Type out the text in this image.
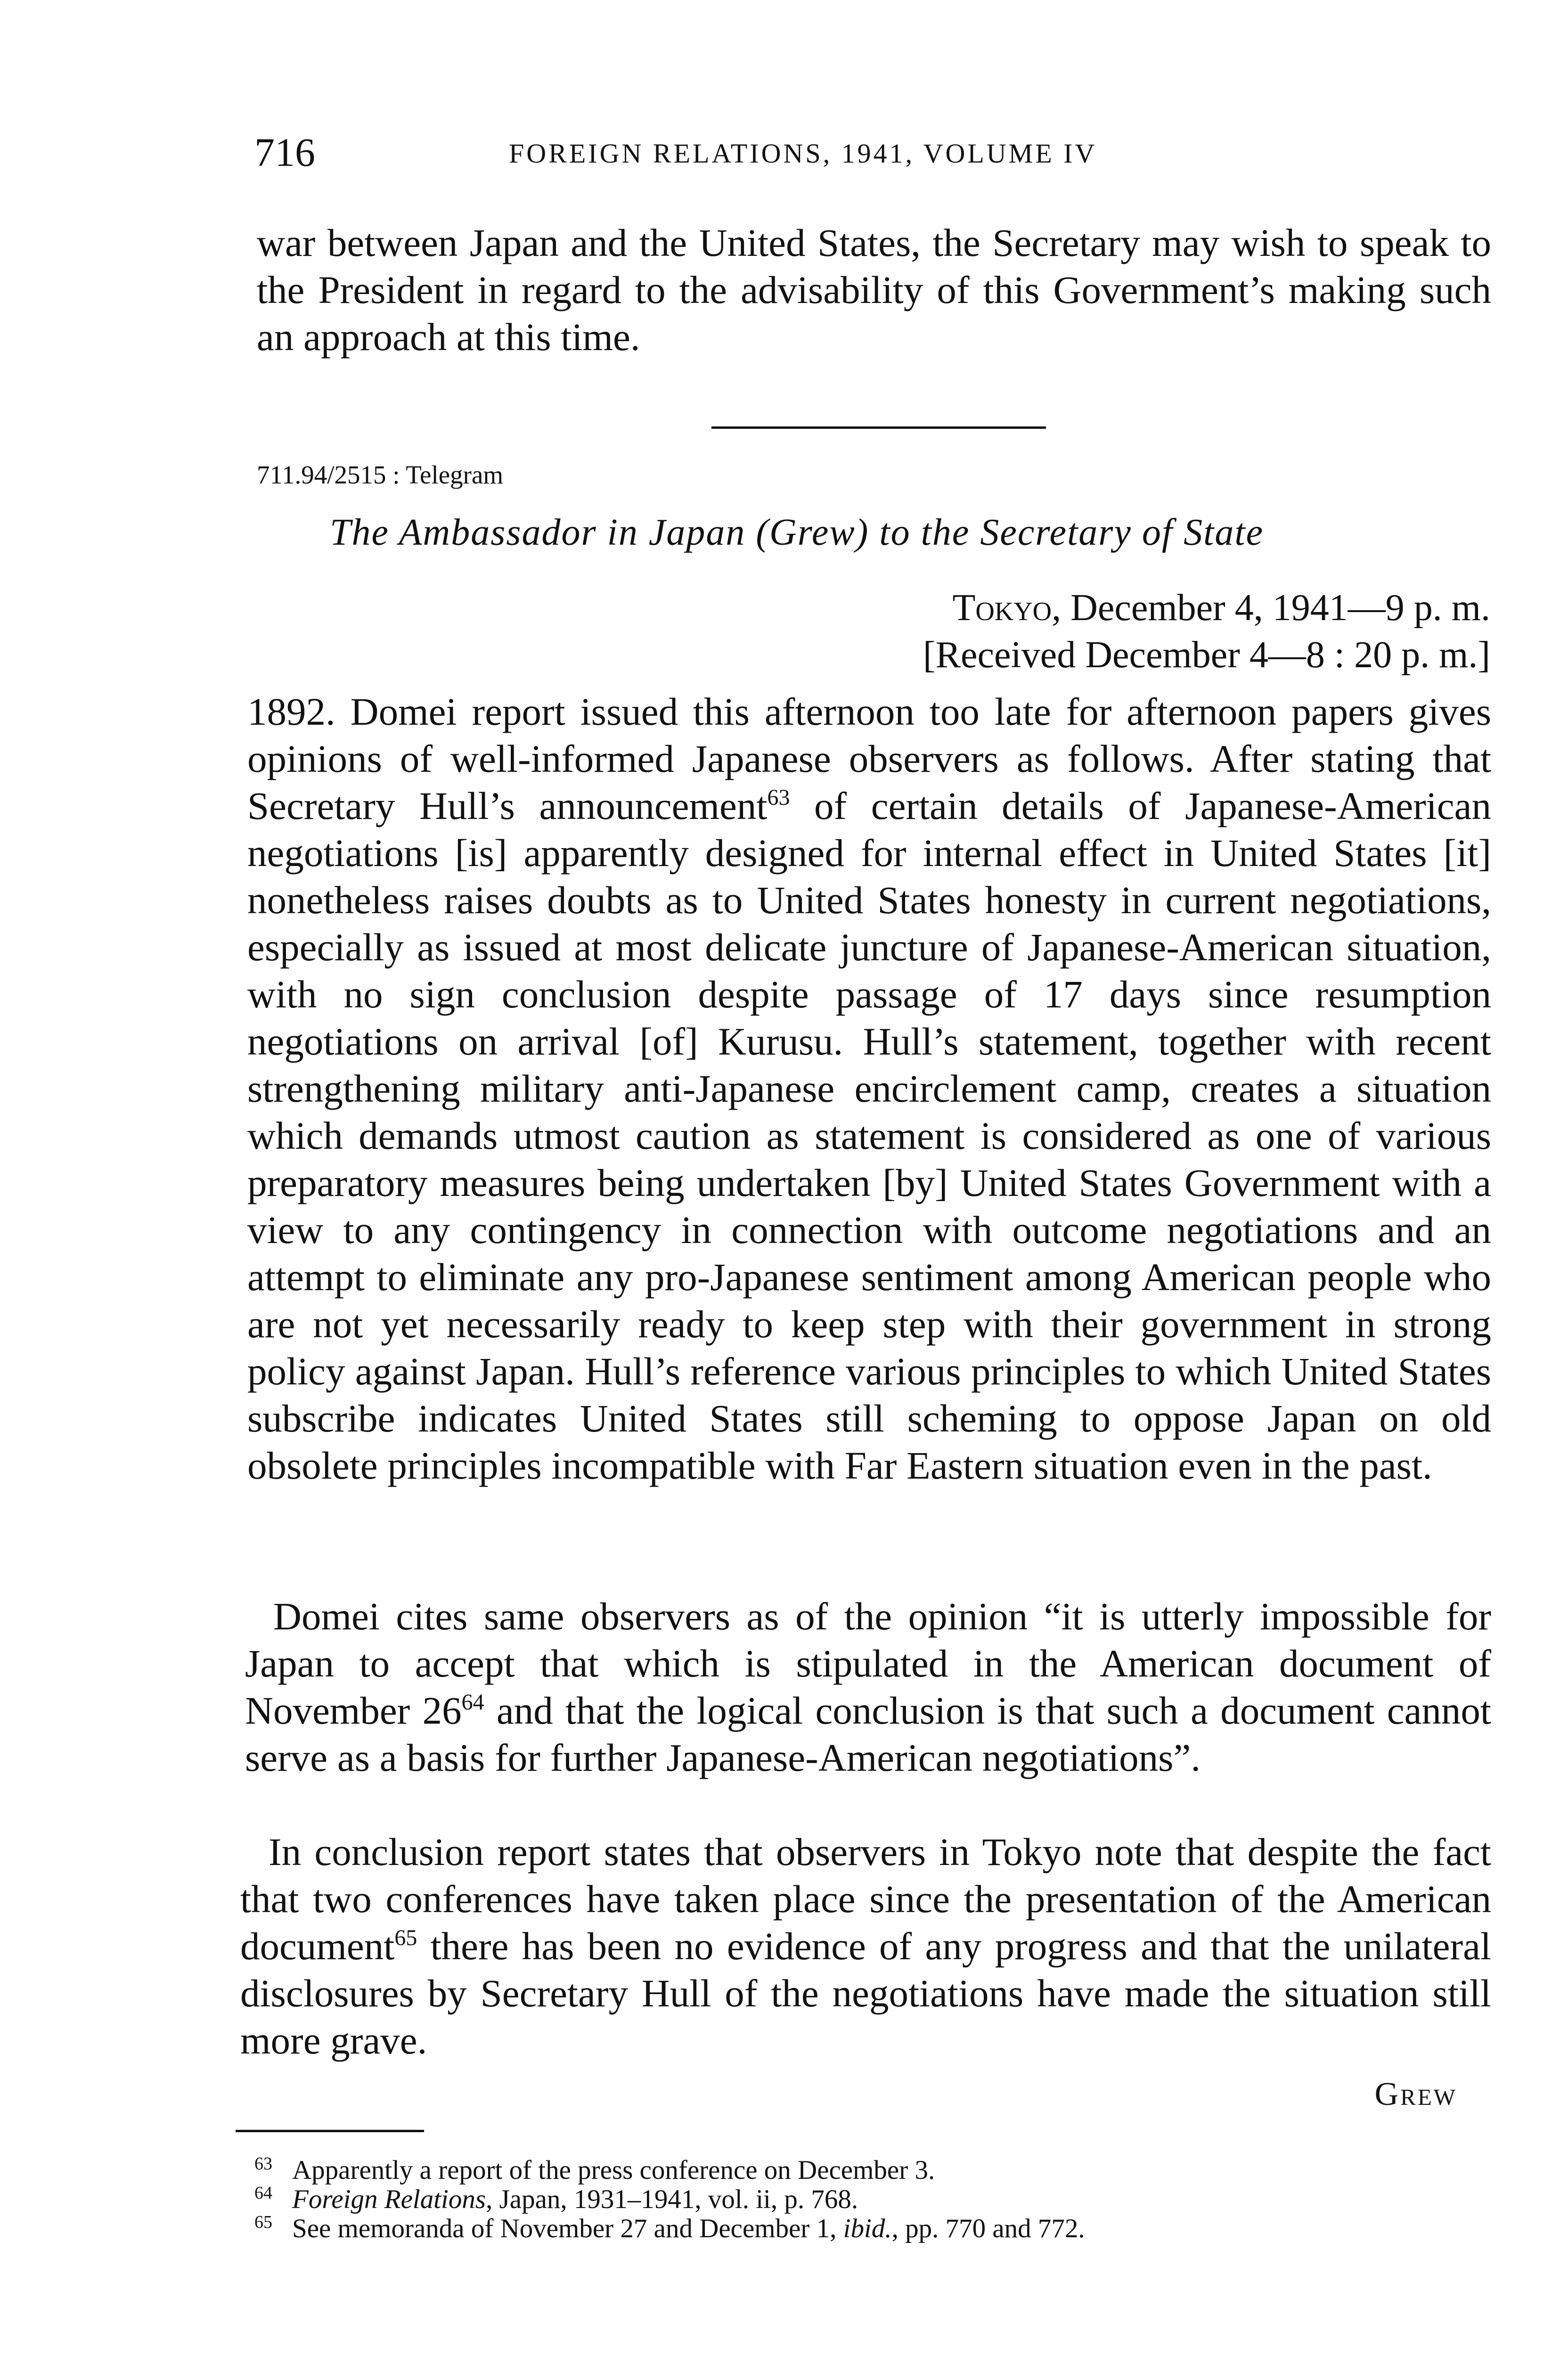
716	FOREIGN RELATIONS, 1941, VOLUME IV
war between Japan and the United States, the Secretary may wish to speak to the President in regard to the advisability of this Government’s making such an approach at this time.
711.94/2515 : Telegram
The Ambassador in Japan (Grew) to the Secretary of State
Tokyo, December 4, 1941—9 p. m.
[Received December 4—8 : 20 p. m.]
1892. Domei report issued this afternoon too late for afternoon papers gives opinions of well-informed Japanese observers as follows. After stating that Secretary Hull’s announcement$^{63}$ of certain details of Japanese-American negotiations [is] apparently designed for internal effect in United States [it] nonetheless raises doubts as to United States honesty in current negotiations, especially as issued at most delicate juncture of Japanese-American situation, with no sign conclusion despite passage of 17 days since resumption negotiations on arrival [of] Kurusu. Hull’s statement, together with recent strengthening military anti-Japanese encirclement camp, creates a situation which demands utmost caution as statement is considered as one of various preparatory measures being undertaken [by] United States Government with a view to any contingency in connection with outcome negotiations and an attempt to eliminate any pro-Japanese sentiment among American people who are not yet necessarily ready to keep step with their government in strong policy against Japan. Hull’s reference various principles to which United States subscribe indicates United States still scheming to oppose Japan on old obsolete principles incompatible with Far Eastern situation even in the past.
Domei cites same observers as of the opinion “it is utterly impossible for Japan to accept that which is stipulated in the American document of November 26$^{64}$ and that the logical conclusion is that such a document cannot serve as a basis for further Japanese-American negotiations”.
In conclusion report states that observers in Tokyo note that despite the fact that two conferences have taken place since the presentation of the American document$^{65}$ there has been no evidence of any progress and that the unilateral disclosures by Secretary Hull of the negotiations have made the situation still more grave.
Grew
63 Apparently a report of the press conference on December 3.
64 Foreign Relations, Japan, 1931–1941, vol. ii, p. 768.
65 See memoranda of November 27 and December 1, ibid., pp. 770 and 772.
